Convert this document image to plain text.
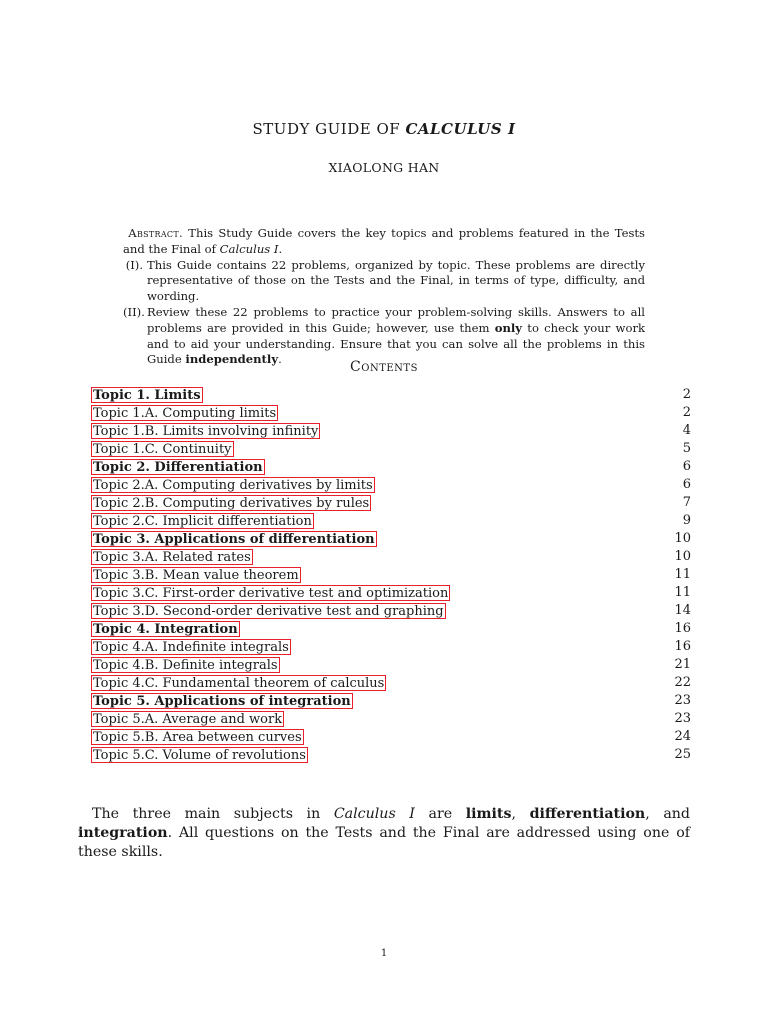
STUDY GUIDE OF CALCULUS I
XIAOLONG HAN
Abstract. This Study Guide covers the key topics and problems featured in the Tests and the Final of Calculus I.
(I). This Guide contains 22 problems, organized by topic. These problems are directly representative of those on the Tests and the Final, in terms of type, difficulty, and wording.
(II). Review these 22 problems to practice your problem-solving skills. Answers to all problems are provided in this Guide; however, use them only to check your work and to aid your understanding. Ensure that you can solve all the problems in this Guide independently.	Contents
Topic 1. Limits	2
Topic 1.A. Computing limits	2
Topic 1.B. Limits involving infinity	4
Topic 1.C. Continuity	5
Topic 2. Differentiation	6
Topic 2.A. Computing derivatives by limits	6
Topic 2.B. Computing derivatives by rules	7
Topic 2.C. Implicit differentiation	9
Topic 3. Applications of differentiation	10
Topic 3.A. Related rates	10
Topic 3.B. Mean value theorem	11
Topic 3.C. First-order derivative test and optimization	11
Topic 3.D. Second-order derivative test and graphing	14
Topic 4. Integration	16
Topic 4.A. Indefinite integrals	16
Topic 4.B. Definite integrals	21
Topic 4.C. Fundamental theorem of calculus	22
Topic 5. Applications of integration	23
Topic 5.A. Average and work	23
Topic 5.B. Area between curves	24
Topic 5.C. Volume of revolutions	25
The three main subjects in Calculus I are limits, differentiation, and integration. All questions on the Tests and the Final are addressed using one of these skills.
1
